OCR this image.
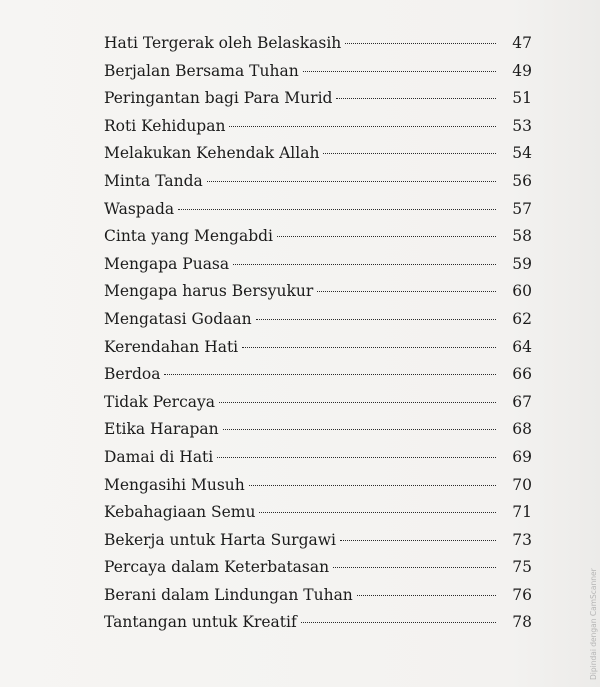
Hati Tergerak oleh Belaskasih	47
Berjalan Bersama Tuhan	49
Peringantan bagi Para Murid	51
Roti Kehidupan	53
Melakukan Kehendak Allah	54
Minta Tanda	56
Waspada	57
Cinta yang Mengabdi	58
Mengapa Puasa	59
Mengapa harus Bersyukur	60
Mengatasi Godaan	62
Kerendahan Hati	64
Berdoa	66
Tidak Percaya	67
Etika Harapan	68
Damai di Hati	69
Mengasihi Musuh	70
Kebahagiaan Semu	71
Bekerja untuk Harta Surgawi	73
Percaya dalam Keterbatasan	75
Berani dalam Lindungan Tuhan	76
Tantangan untuk Kreatif	78	Dipindai dengan CamScanner
